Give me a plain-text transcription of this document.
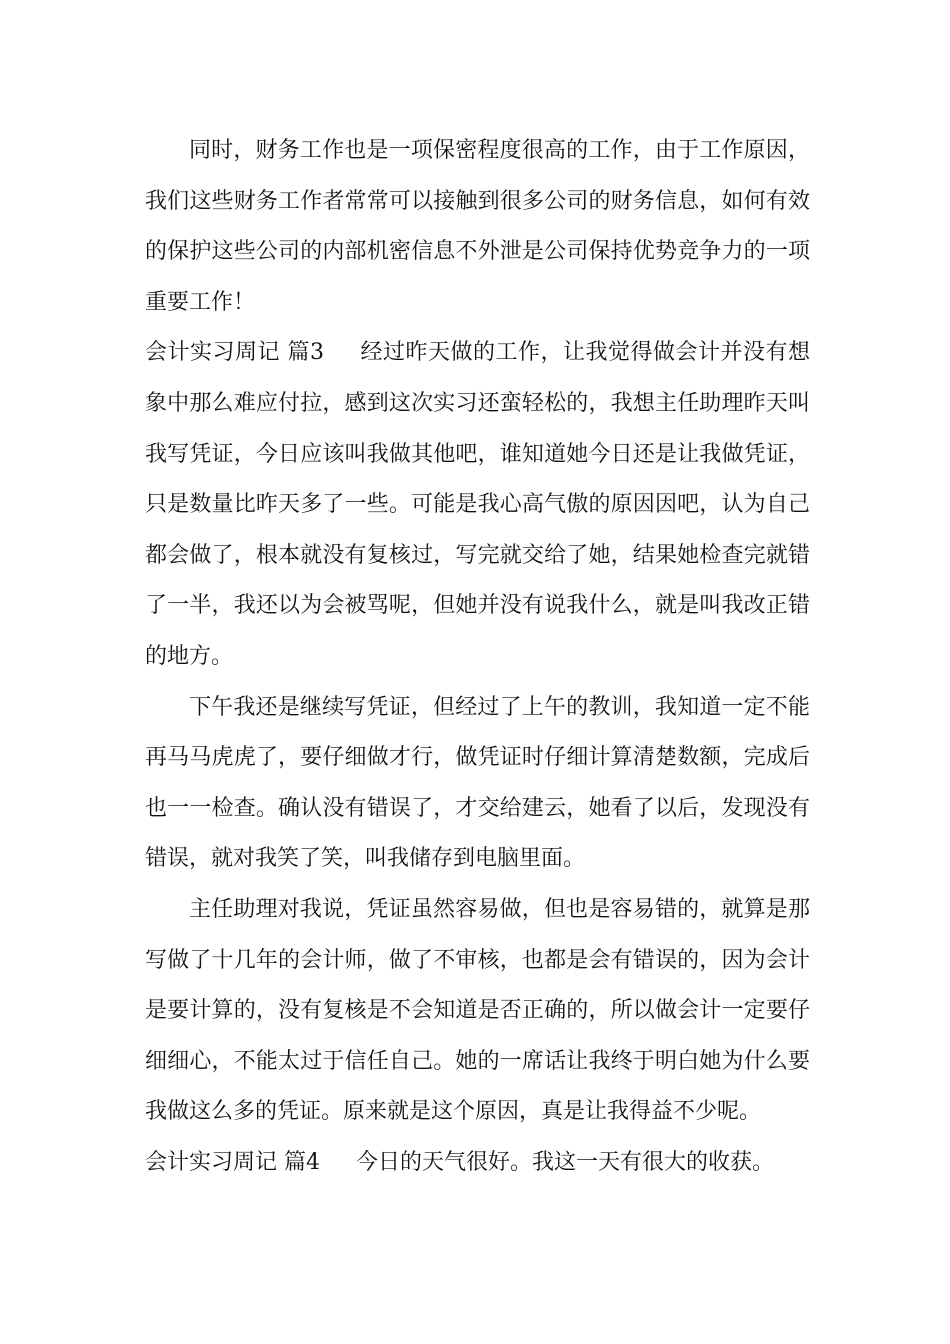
同时，财务工作也是一项保密程度很高的工作，由于工作原因，我们这些财务工作者常常可以接触到很多公司的财务信息，如何有效的保护这些公司的内部机密信息不外泄是公司保持优势竞争力的一项重要工作！

会计实习周记 篇3 经过昨天做的工作，让我觉得做会计并没有想象中那么难应付拉，感到这次实习还蛮轻松的，我想主任助理昨天叫我写凭证，今日应该叫我做其他吧，谁知道她今日还是让我做凭证，只是数量比昨天多了一些。可能是我心高气傲的原因因吧，认为自己都会做了，根本就没有复核过，写完就交给了她，结果她检查完就错了一半，我还以为会被骂呢，但她并没有说我什么，就是叫我改正错的地方。

下午我还是继续写凭证，但经过了上午的教训，我知道一定不能再马马虎虎了，要仔细做才行，做凭证时仔细计算清楚数额，完成后也一一检查。确认没有错误了，才交给建云，她看了以后，发现没有错误，就对我笑了笑，叫我储存到电脑里面。

主任助理对我说，凭证虽然容易做，但也是容易错的，就算是那写做了十几年的会计师，做了不审核，也都是会有错误的，因为会计是要计算的，没有复核是不会知道是否正确的，所以做会计一定要仔细细心，不能太过于信任自己。她的一席话让我终于明白她为什么要我做这么多的凭证。原来就是这个原因，真是让我得益不少呢。

会计实习周记 篇4 今日的天气很好。我这一天有很大的收获。
